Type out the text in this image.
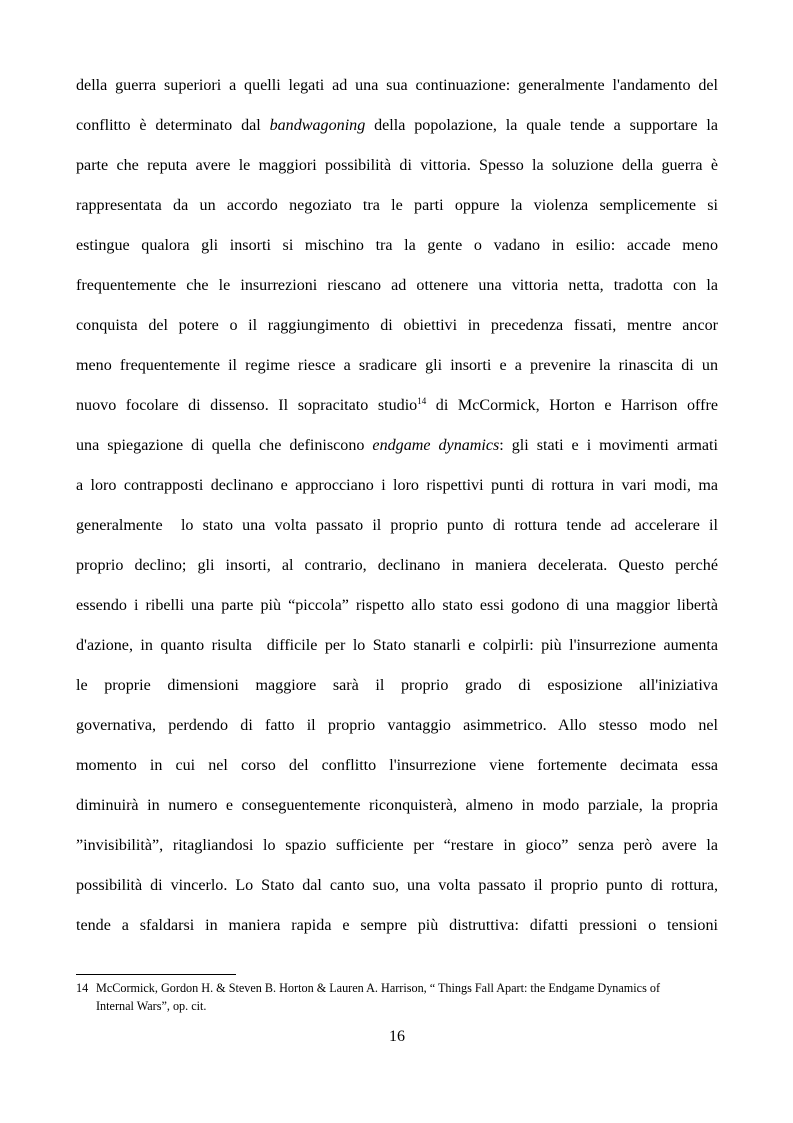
della guerra superiori a quelli legati ad una sua continuazione: generalmente l'andamento del
conflitto è determinato dal bandwagoning della popolazione, la quale tende a supportare la
parte che reputa avere le maggiori possibilità di vittoria. Spesso la soluzione della guerra è
rappresentata da un accordo negoziato tra le parti oppure la violenza semplicemente si
estingue qualora gli insorti si mischino tra la gente o vadano in esilio: accade meno
frequentemente che le insurrezioni riescano ad ottenere una vittoria netta, tradotta con la
conquista del potere o il raggiungimento di obiettivi in precedenza fissati, mentre ancor
meno frequentemente il regime riesce a sradicare gli insorti e a prevenire la rinascita di un
nuovo focolare di dissenso. Il sopracitato studio$^{14}$ di McCormick, Horton e Harrison offre
una spiegazione di quella che definiscono endgame dynamics: gli stati e i movimenti armati
a loro contrapposti declinano e approcciano i loro rispettivi punti di rottura in vari modi, ma
generalmente  lo stato una volta passato il proprio punto di rottura tende ad accelerare il
proprio declino; gli insorti, al contrario, declinano in maniera decelerata. Questo perché
essendo i ribelli una parte più “piccola” rispetto allo stato essi godono di una maggior libertà
d'azione, in quanto risulta  difficile per lo Stato stanarli e colpirli: più l'insurrezione aumenta
le proprie dimensioni maggiore sarà il proprio grado di esposizione all'iniziativa
governativa, perdendo di fatto il proprio vantaggio asimmetrico. Allo stesso modo nel
momento in cui nel corso del conflitto l'insurrezione viene fortemente decimata essa
diminuirà in numero e conseguentemente riconquisterà, almeno in modo parziale, la propria
”invisibilità”, ritagliandosi lo spazio sufficiente per “restare in gioco” senza però avere la
possibilità di vincerlo. Lo Stato dal canto suo, una volta passato il proprio punto di rottura,
tende a sfaldarsi in maniera rapida e sempre più distruttiva: difatti pressioni o tensioni
14 McCormick, Gordon H. & Steven B. Horton & Lauren A. Harrison, “ Things Fall Apart: the Endgame Dynamics of
Internal Wars”, op. cit.
16
